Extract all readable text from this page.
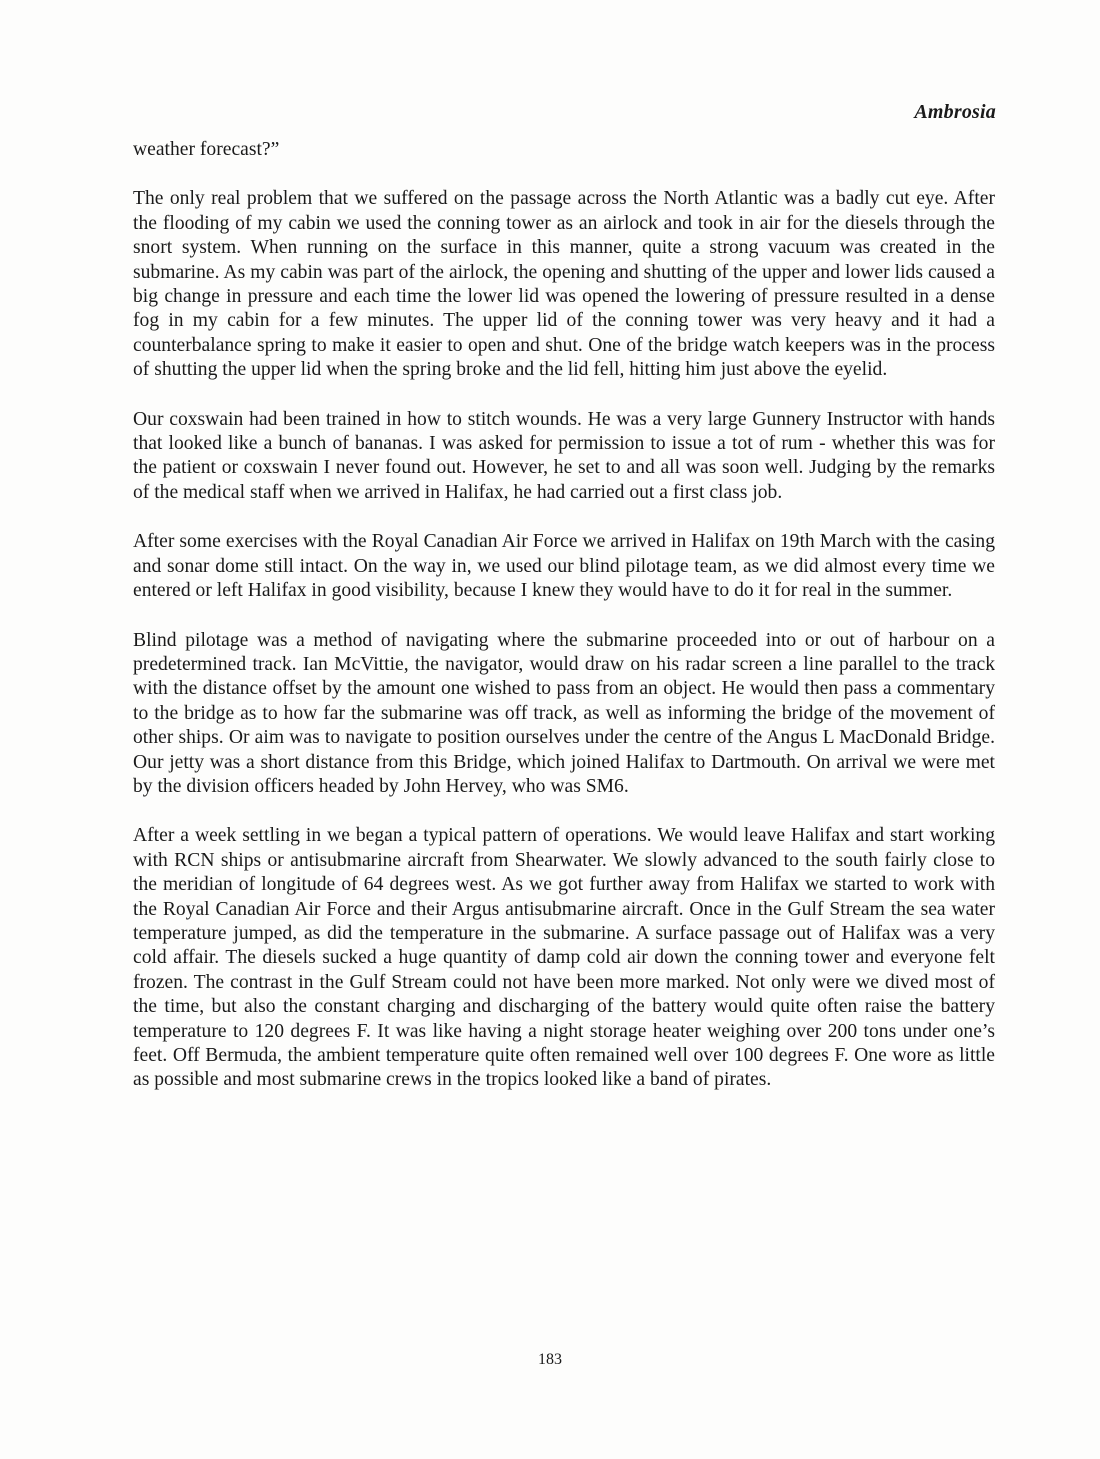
Ambrosia

weather forecast?”

The only real problem that we suffered on the passage across the North Atlantic was a badly cut eye. After the flooding of my cabin we used the conning tower as an airlock and took in air for the diesels through the snort system. When running on the surface in this manner, quite a strong vacuum was created in the submarine. As my cabin was part of the airlock, the opening and shutting of the upper and lower lids caused a big change in pressure and each time the lower lid was opened the lowering of pressure resulted in a dense fog in my cabin for a few minutes. The upper lid of the conning tower was very heavy and it had a counterbalance spring to make it easier to open and shut. One of the bridge watch keepers was in the process of shutting the upper lid when the spring broke and the lid fell, hitting him just above the eyelid.

Our coxswain had been trained in how to stitch wounds. He was a very large Gunnery Instructor with hands that looked like a bunch of bananas. I was asked for permission to issue a tot of rum - whether this was for the patient or coxswain I never found out. However, he set to and all was soon well. Judging by the remarks of the medical staff when we arrived in Halifax, he had carried out a first class job.

After some exercises with the Royal Canadian Air Force we arrived in Halifax on 19th March with the casing and sonar dome still intact. On the way in, we used our blind pilotage team, as we did almost every time we entered or left Halifax in good visibility, because I knew they would have to do it for real in the summer.

Blind pilotage was a method of navigating where the submarine proceeded into or out of harbour on a predetermined track. Ian McVittie, the navigator, would draw on his radar screen a line parallel to the track with the distance offset by the amount one wished to pass from an object. He would then pass a commentary to the bridge as to how far the submarine was off track, as well as informing the bridge of the movement of other ships. Or aim was to navigate to position ourselves under the centre of the Angus L MacDonald Bridge. Our jetty was a short distance from this Bridge, which joined Halifax to Dartmouth. On arrival we were met by the division officers headed by John Hervey, who was SM6.

After a week settling in we began a typical pattern of operations. We would leave Halifax and start working with RCN ships or antisubmarine aircraft from Shearwater. We slowly advanced to the south fairly close to the meridian of longitude of 64 degrees west. As we got further away from Halifax we started to work with the Royal Canadian Air Force and their Argus antisubmarine aircraft. Once in the Gulf Stream the sea water temperature jumped, as did the temperature in the submarine. A surface passage out of Halifax was a very cold affair. The diesels sucked a huge quantity of damp cold air down the conning tower and everyone felt frozen. The contrast in the Gulf Stream could not have been more marked. Not only were we dived most of the time, but also the constant charging and discharging of the battery would quite often raise the battery temperature to 120 degrees F. It was like having a night storage heater weighing over 200 tons under one’s feet. Off Bermuda, the ambient temperature quite often remained well over 100 degrees F. One wore as little as possible and most submarine crews in the tropics looked like a band of pirates.

183
